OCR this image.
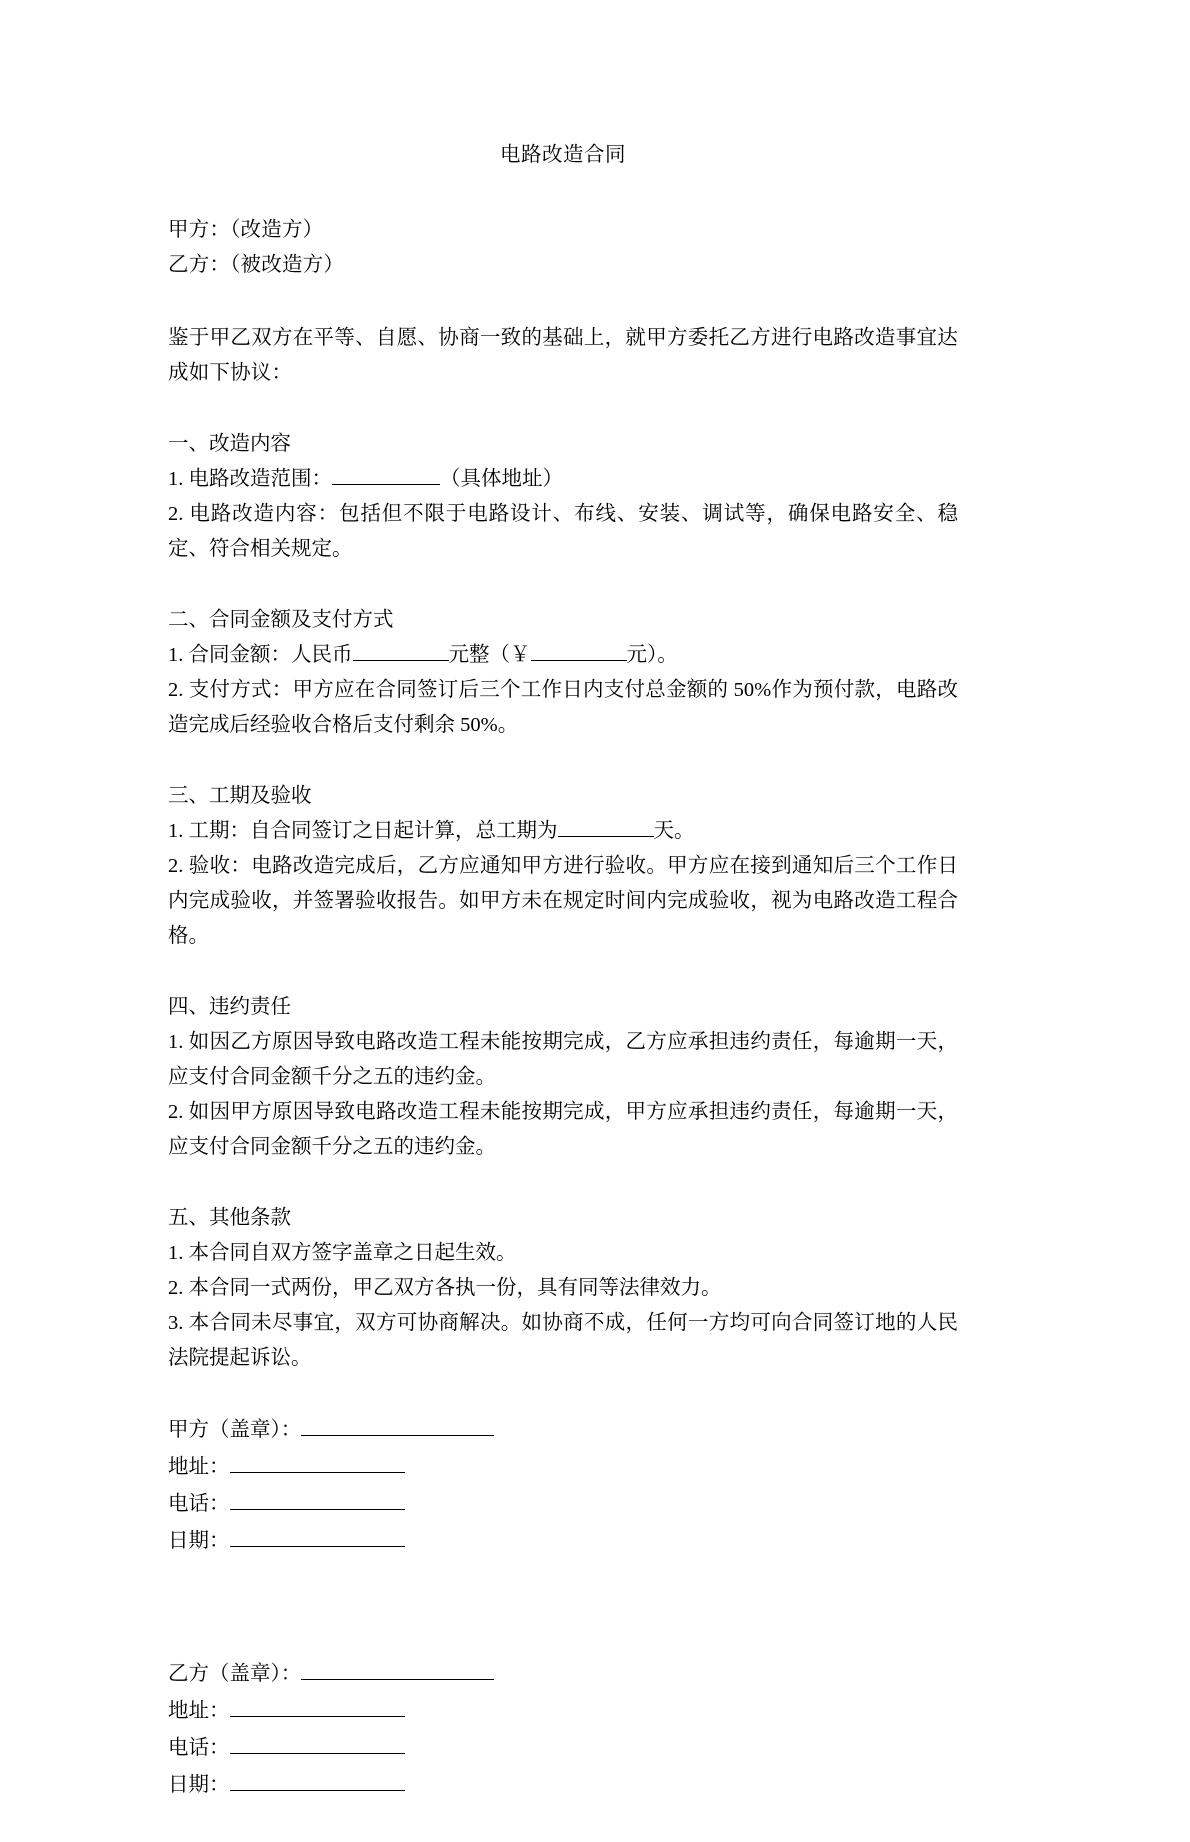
电路改造合同

甲方：（改造方）

乙方：（被改造方）

鉴于甲乙双方在平等、自愿、协商一致的基础上，就甲方委托乙方进行电路改造事宜达成如下协议：

一、改造内容

1. 电路改造范围：	（具体地址）

2. 电路改造内容：包括但不限于电路设计、布线、安装、调试等，确保电路安全、稳定、符合相关规定。

二、合同金额及支付方式

1. 合同金额：人民币	元整（￥	元）。

2. 支付方式：甲方应在合同签订后三个工作日内支付总金额的 50%作为预付款，电路改造完成后经验收合格后支付剩余 50%。

三、工期及验收

1. 工期：自合同签订之日起计算，总工期为	天。

2. 验收：电路改造完成后，乙方应通知甲方进行验收。甲方应在接到通知后三个工作日内完成验收，并签署验收报告。如甲方未在规定时间内完成验收，视为电路改造工程合格。

四、违约责任

1. 如因乙方原因导致电路改造工程未能按期完成，乙方应承担违约责任，每逾期一天，应支付合同金额千分之五的违约金。

2. 如因甲方原因导致电路改造工程未能按期完成，甲方应承担违约责任，每逾期一天，应支付合同金额千分之五的违约金。

五、其他条款

1. 本合同自双方签字盖章之日起生效。

2. 本合同一式两份，甲乙双方各执一份，具有同等法律效力。

3. 本合同未尽事宜，双方可协商解决。如协商不成，任何一方均可向合同签订地的人民法院提起诉讼。

甲方（盖章）：

地址：

电话：

日期：

乙方（盖章）：

地址：

电话：

日期：
